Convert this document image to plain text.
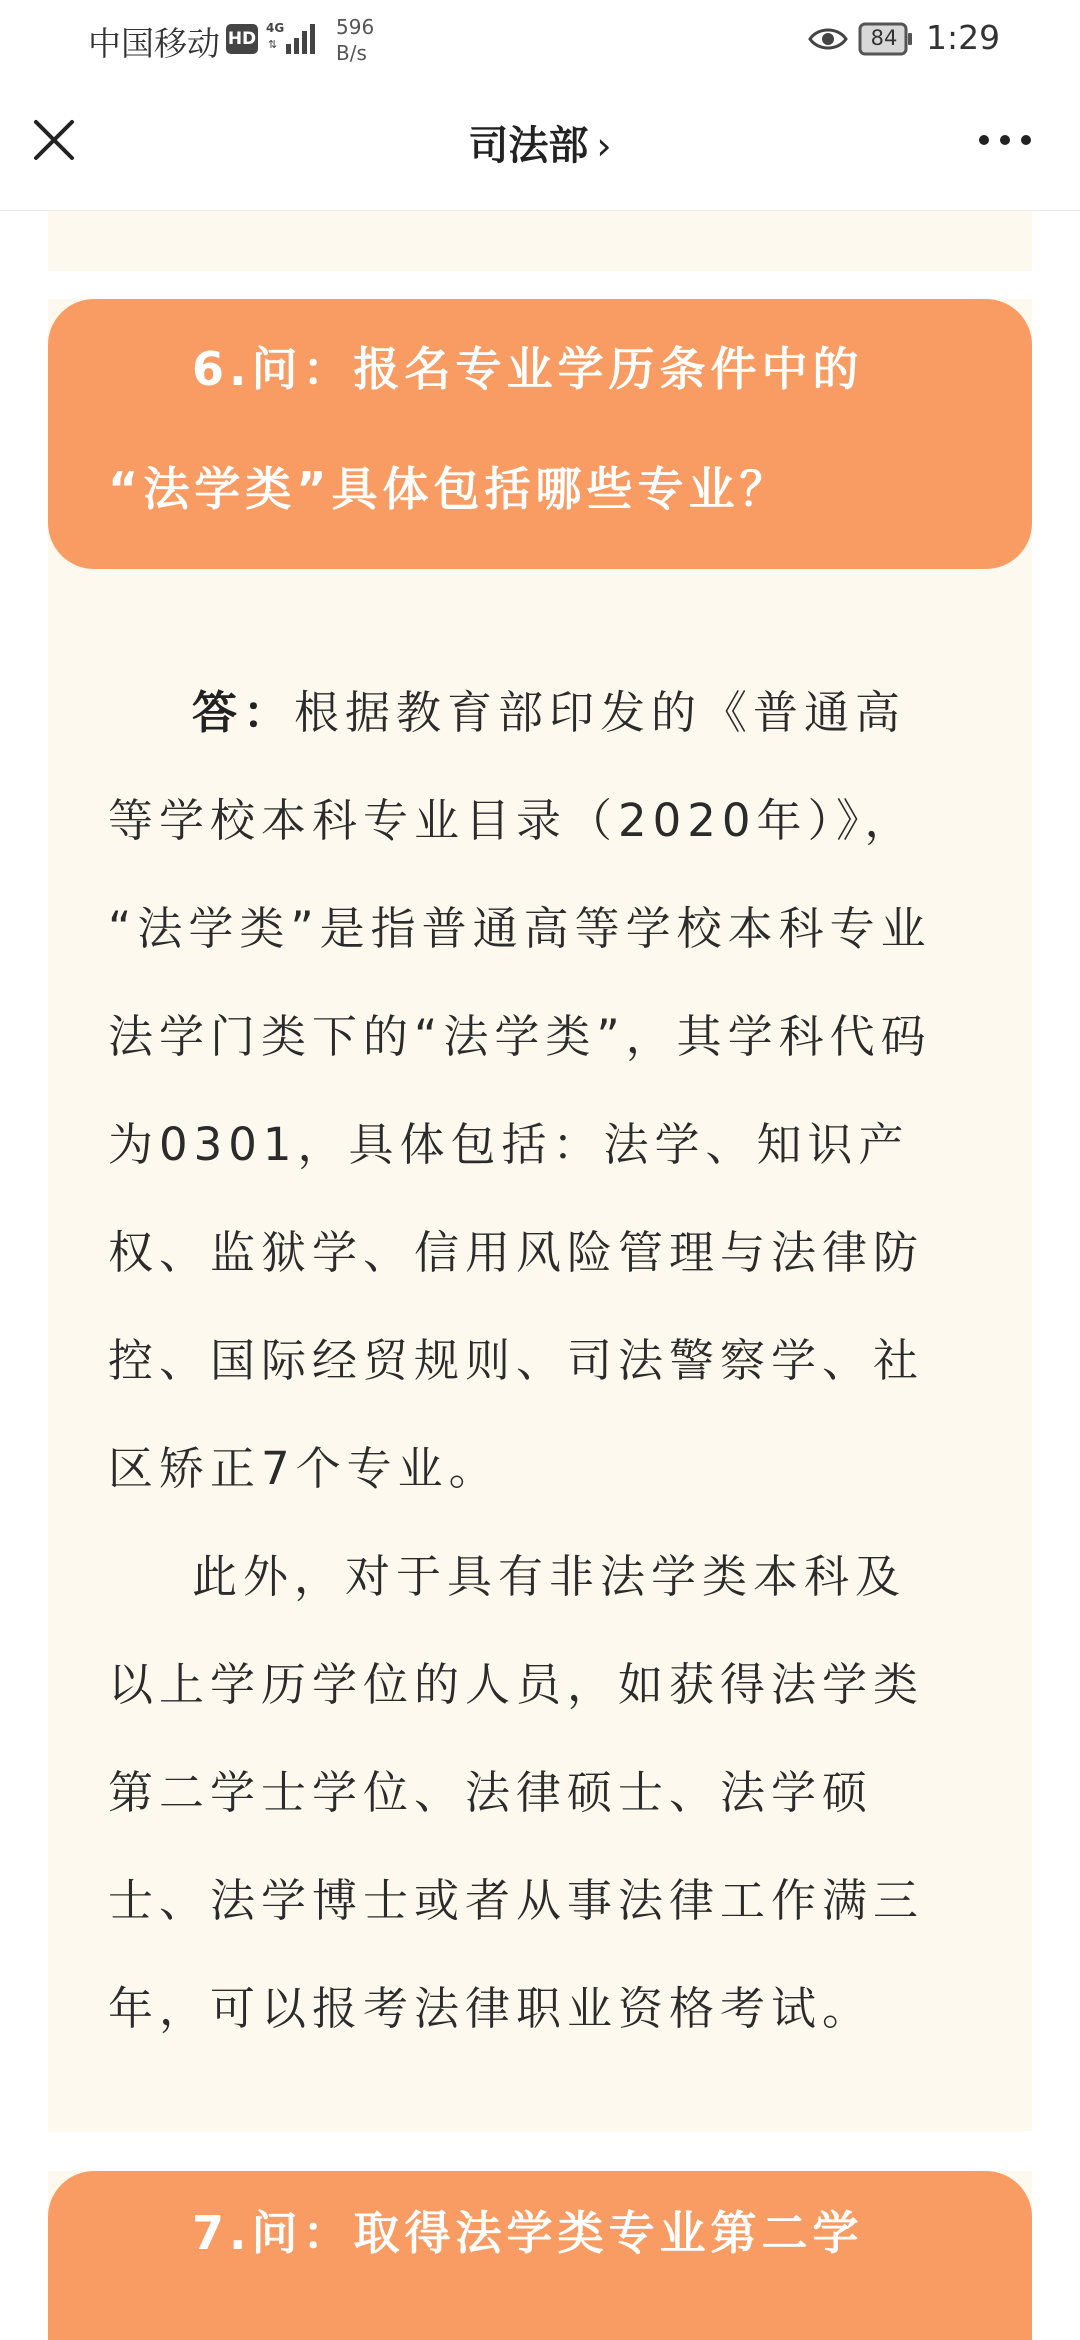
中国移动 HD
4G
⇅
596
B/s
84 1:29
司法部 ›
6.问：报名专业学历条件中的
“法学类”具体包括哪些专业？
答：根据教育部印发的《普通高
等学校本科专业目录（2020年）》，
“法学类”是指普通高等学校本科专业
法学门类下的“法学类”，其学科代码
为0301，具体包括：法学、知识产
权、监狱学、信用风险管理与法律防
控、国际经贸规则、司法警察学、社
区矫正7个专业。
此外，对于具有非法学类本科及
以上学历学位的人员，如获得法学类
第二学士学位、法律硕士、法学硕
士、法学博士或者从事法律工作满三
年，可以报考法律职业资格考试。
7.问：取得法学类专业第二学
